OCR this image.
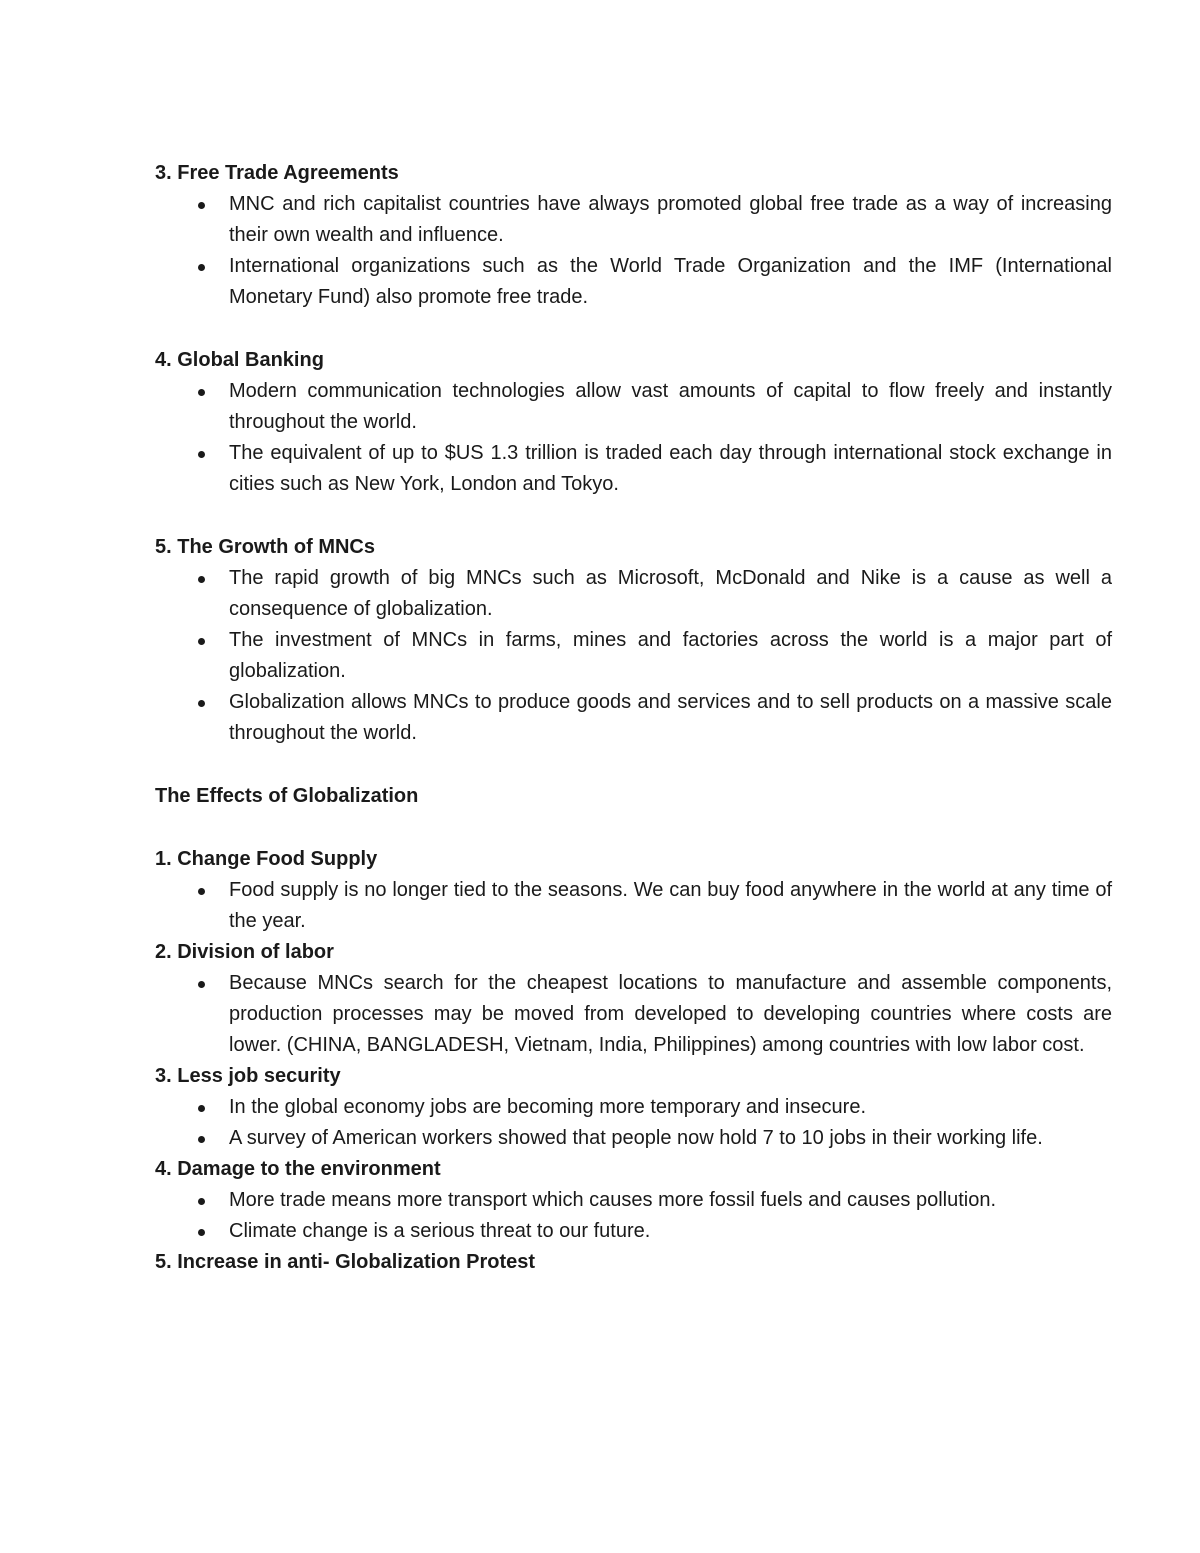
3. Free Trade Agreements

MNC and rich capitalist countries have always promoted global free trade as a way of increasing their own wealth and influence.
International organizations such as the World Trade Organization and the IMF (International Monetary Fund) also promote free trade.

4. Global Banking

Modern communication technologies allow vast amounts of capital to flow freely and instantly throughout the world.
The equivalent of up to $US 1.3 trillion is traded each day through international stock exchange in cities such as New York, London and Tokyo.

5. The Growth of MNCs

The rapid growth of big MNCs such as Microsoft, McDonald and Nike is a cause as well a consequence of globalization.
The investment of MNCs in farms, mines and factories across the world is a major part of globalization.
Globalization allows MNCs to produce goods and services and to sell products on a massive scale throughout the world.

The Effects of Globalization

1. Change Food Supply

Food supply is no longer tied to the seasons. We can buy food anywhere in the world at any time of the year.

2. Division of labor

Because MNCs search for the cheapest locations to manufacture and assemble components, production processes may be moved from developed to developing countries where costs are lower. (CHINA, BANGLADESH, Vietnam, India, Philippines) among countries with low labor cost.

3. Less job security

In the global economy jobs are becoming more temporary and insecure.
A survey of American workers showed that people now hold 7 to 10 jobs in their working life.

4. Damage to the environment

More trade means more transport which causes more fossil fuels and causes pollution.
Climate change is a serious threat to our future.

5. Increase in anti- Globalization Protest
